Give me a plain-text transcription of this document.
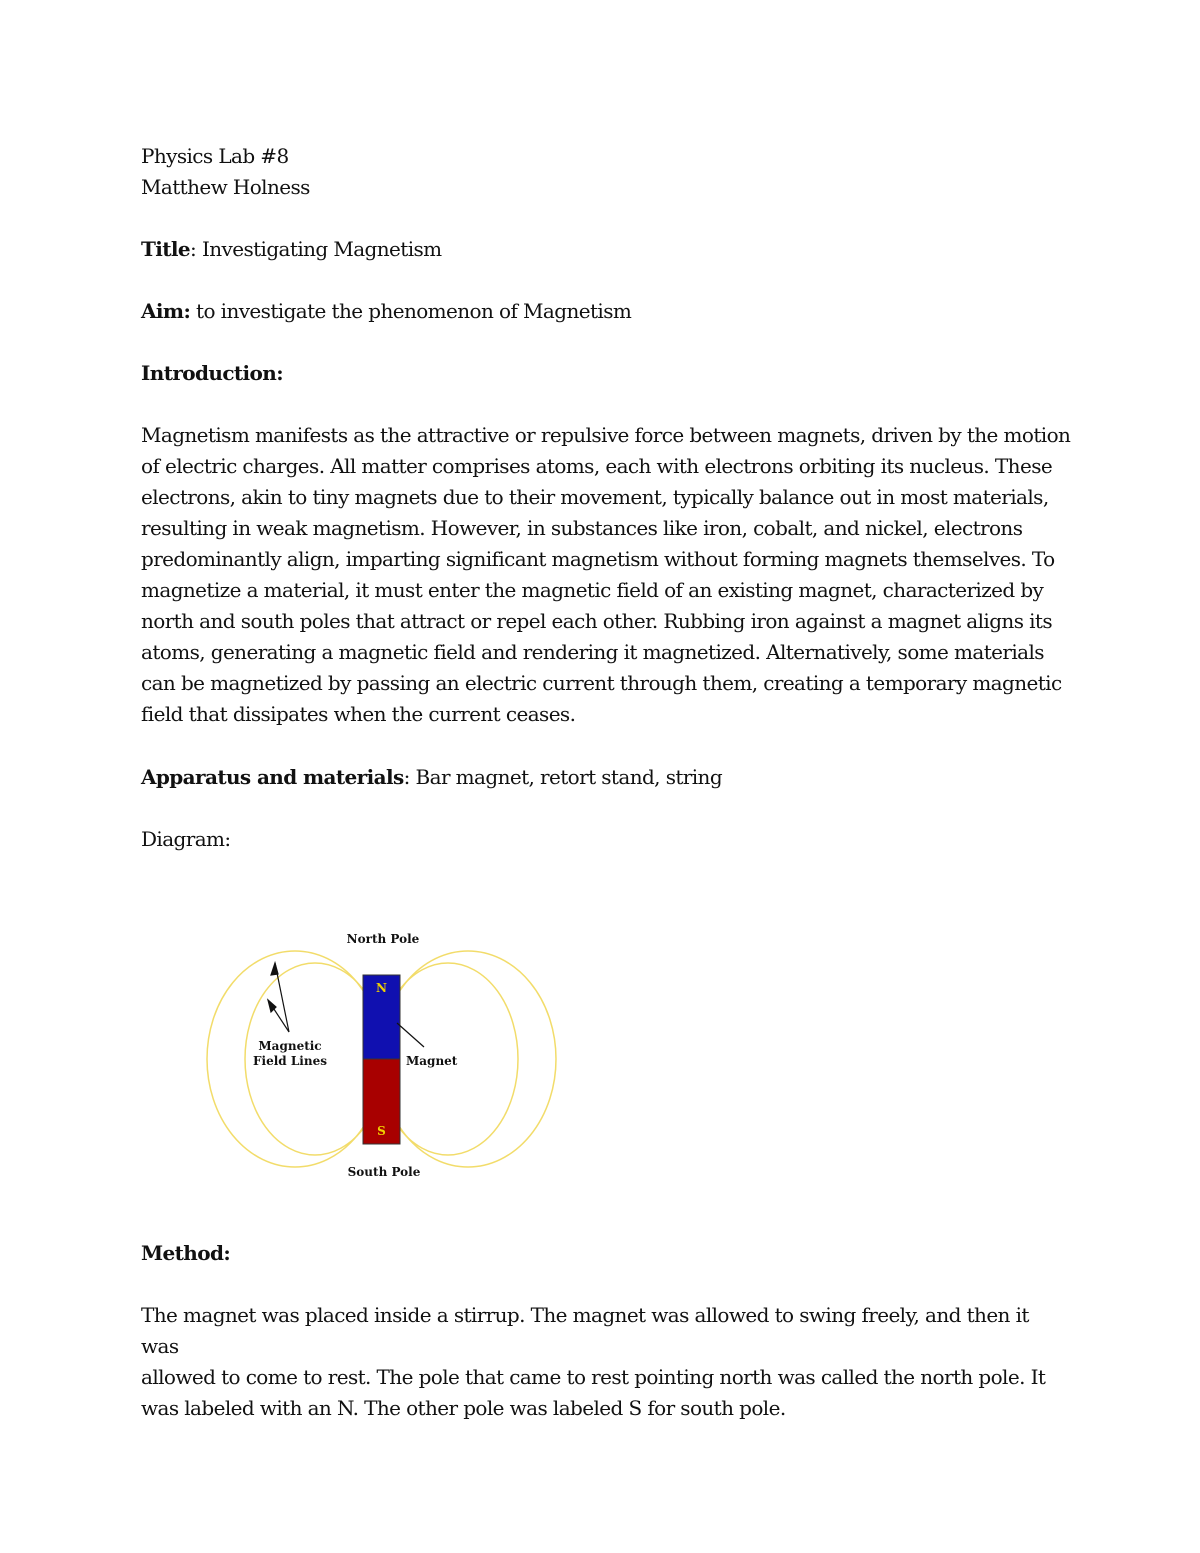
Physics Lab #8

Matthew Holness

Title: Investigating Magnetism

Aim: to investigate the phenomenon of Magnetism

Introduction:

Magnetism manifests as the attractive or repulsive force between magnets, driven by the motion
of electric charges. All matter comprises atoms, each with electrons orbiting its nucleus. These
electrons, akin to tiny magnets due to their movement, typically balance out in most materials,
resulting in weak magnetism. However, in substances like iron, cobalt, and nickel, electrons
predominantly align, imparting significant magnetism without forming magnets themselves. To
magnetize a material, it must enter the magnetic field of an existing magnet, characterized by
north and south poles that attract or repel each other. Rubbing iron against a magnet aligns its
atoms, generating a magnetic field and rendering it magnetized. Alternatively, some materials
can be magnetized by passing an electric current through them, creating a temporary magnetic
field that dissipates when the current ceases.

Apparatus and materials: Bar magnet, retort stand, string

Diagram:

N
S
North Pole
South Pole
Magnetic
Field Lines	Magnet

Method:

The magnet was placed inside a stirrup. The magnet was allowed to swing freely, and then it was
allowed to come to rest. The pole that came to rest pointing north was called the north pole. It
was labeled with an N. The other pole was labeled S for south pole.
